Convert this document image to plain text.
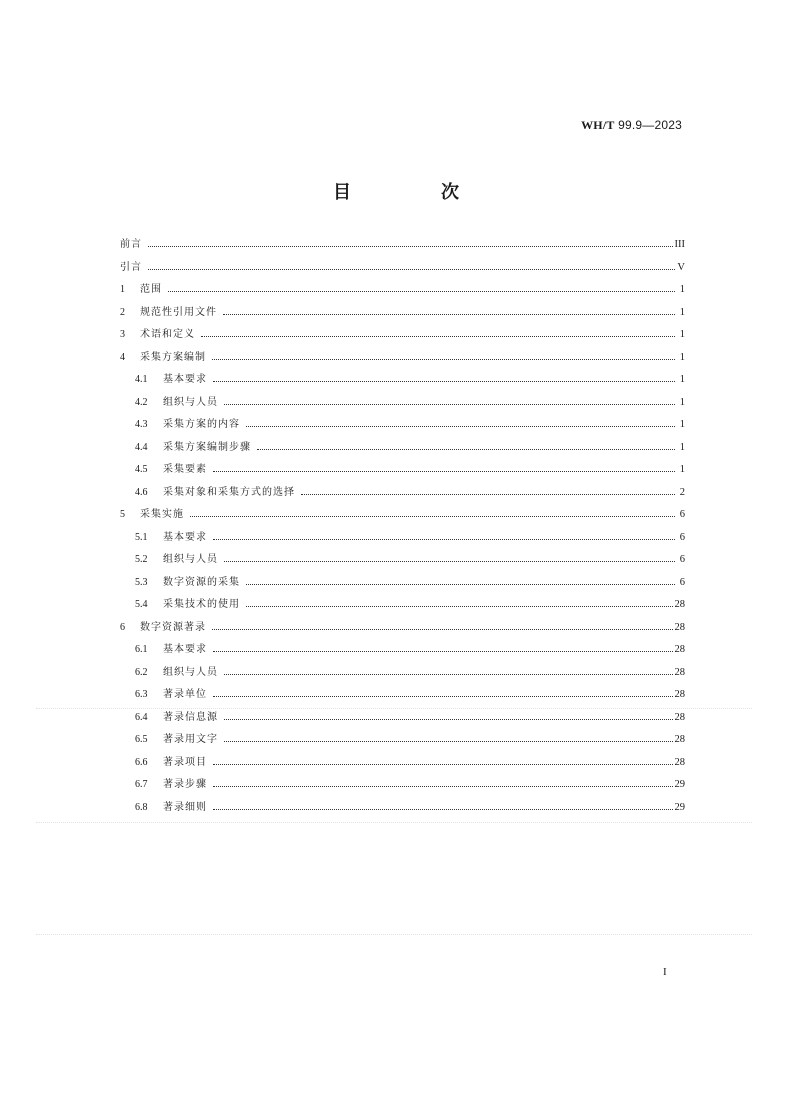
WH/T 99.9—2023
目　次
前言	III
引言	V
1	范围	1
2	规范性引用文件	1
3	术语和定义	1
4	采集方案编制	1
4.1	基本要求	1
4.2	组织与人员	1
4.3	采集方案的内容	1
4.4	采集方案编制步骤	1
4.5	采集要素	1
4.6	采集对象和采集方式的选择	2
5	采集实施	6
5.1	基本要求	6
5.2	组织与人员	6
5.3	数字资源的采集	6
5.4	采集技术的使用	28
6	数字资源著录	28
6.1	基本要求	28
6.2	组织与人员	28
6.3	著录单位	28
6.4	著录信息源	28
6.5	著录用文字	28
6.6	著录项目	28
6.7	著录步骤	29
6.8	著录细则	29
I
